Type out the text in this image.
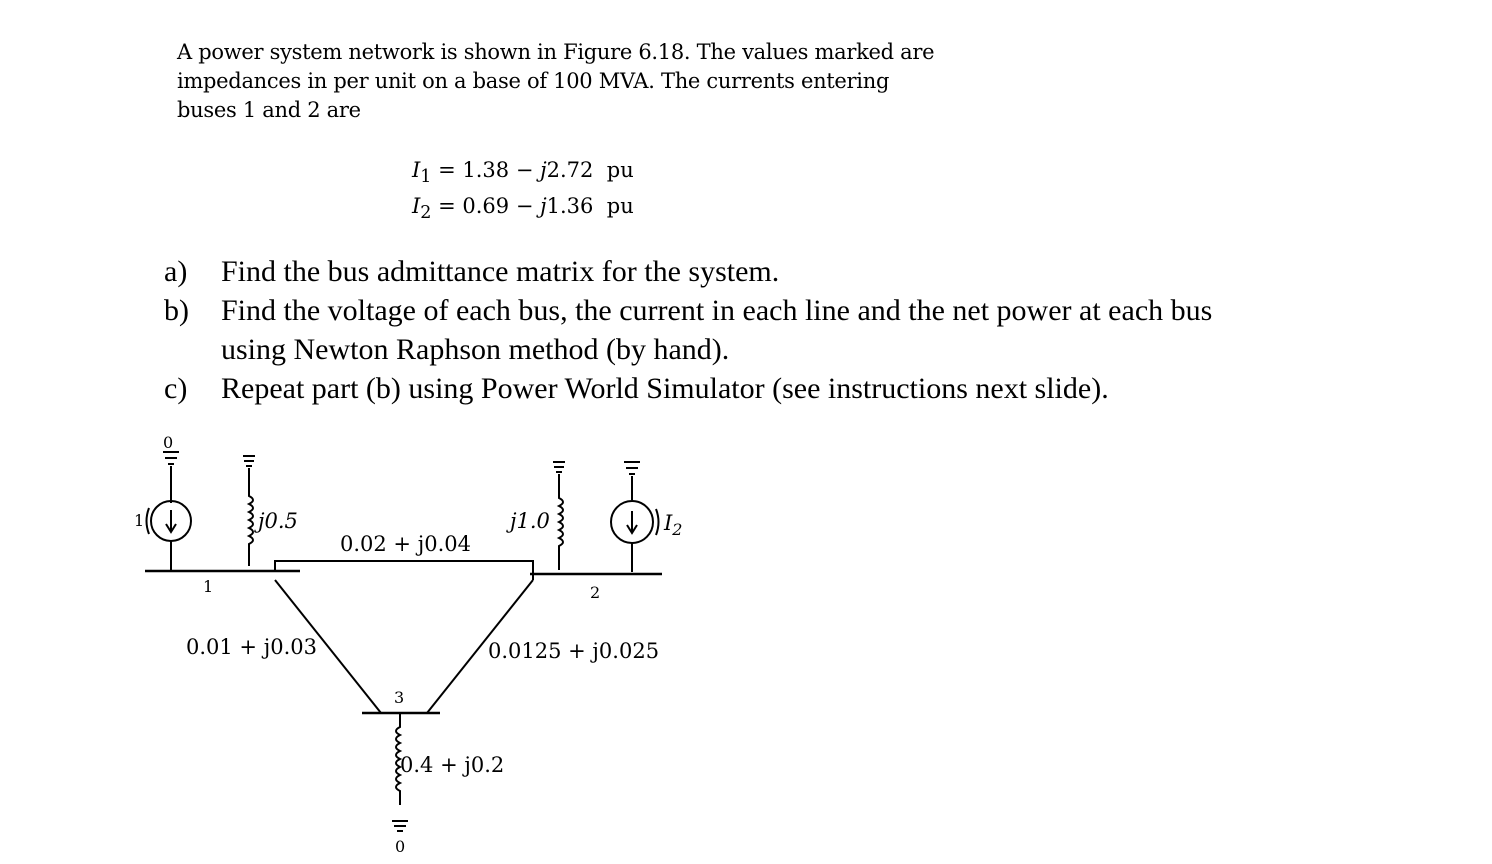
A power system network is shown in Figure 6.18. The values marked are impedances in per unit on a base of 100 MVA. The currents entering buses 1 and 2 are

$I_1 = 1.38 - j2.72$ pu
$I_2 = 0.69 - j1.36$ pu
a) Find the bus admittance matrix for the system.
b) Find the voltage of each bus, the current in each line and the net power at each bus using Newton Raphson method (by hand).
c) Repeat part (b) using Power World Simulator (see instructions next slide).
0
1	$I_2$
j0.5	j1.0
1	2
3
0.02 + j0.04
0.01 + j0.03	0.0125 + j0.025
0.4 + j0.2
0
